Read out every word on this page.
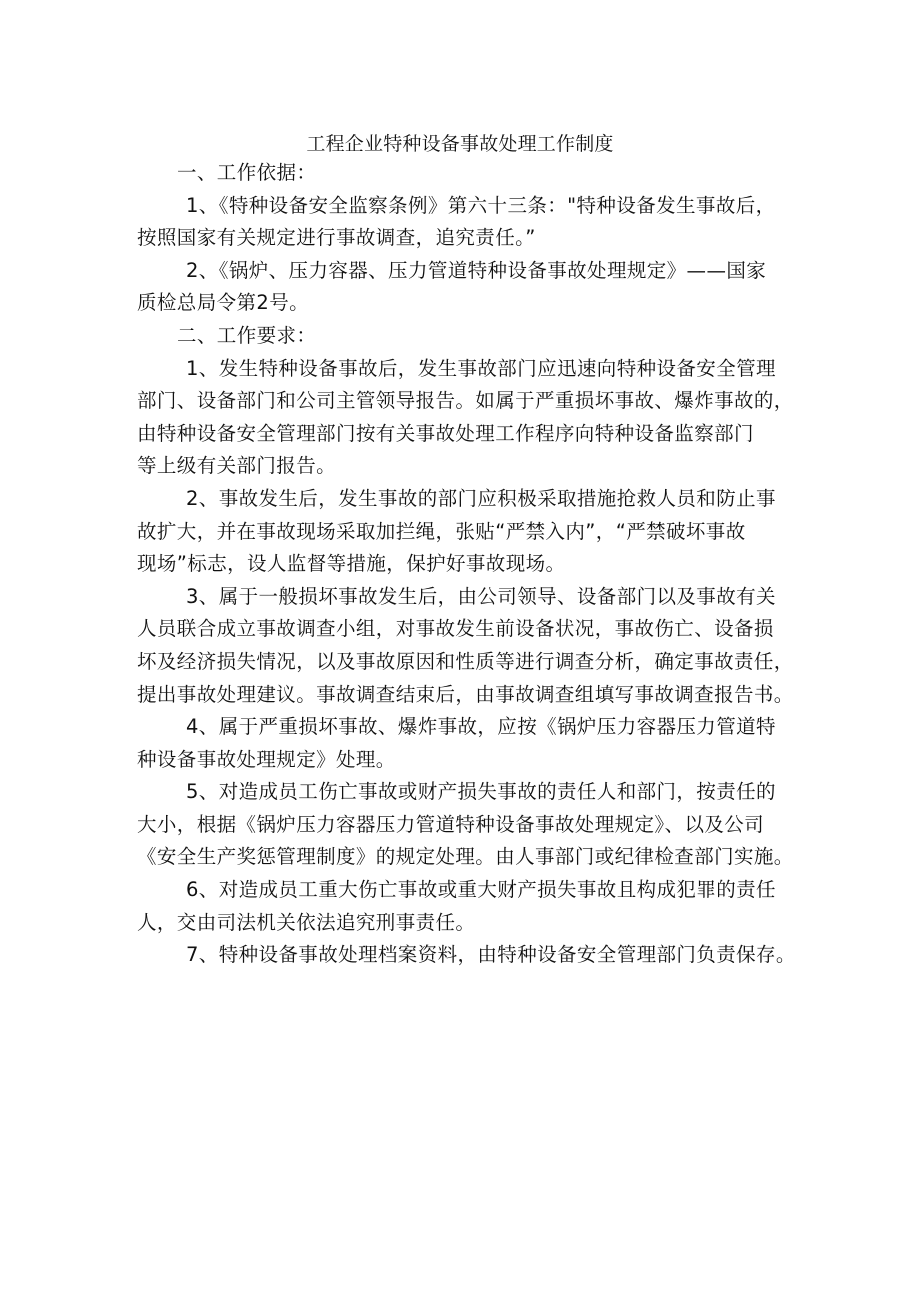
工程企业特种设备事故处理工作制度
一、工作依据：
1、《特种设备安全监察条例》第六十三条："特种设备发生事故后，
按照国家有关规定进行事故调查，追究责任。”
2、《锅炉、压力容器、压力管道特种设备事故处理规定》——国家
质检总局令第2号。
二、工作要求：
1、发生特种设备事故后，发生事故部门应迅速向特种设备安全管理
部门、设备部门和公司主管领导报告。如属于严重损坏事故、爆炸事故的，
由特种设备安全管理部门按有关事故处理工作程序向特种设备监察部门
等上级有关部门报告。
2、事故发生后，发生事故的部门应积极采取措施抢救人员和防止事
故扩大，并在事故现场采取加拦绳，张贴“严禁入内”，“严禁破坏事故
现场”标志，设人监督等措施，保护好事故现场。
3、属于一般损坏事故发生后，由公司领导、设备部门以及事故有关
人员联合成立事故调查小组，对事故发生前设备状况，事故伤亡、设备损
坏及经济损失情况，以及事故原因和性质等进行调查分析，确定事故责任，
提出事故处理建议。事故调查结束后，由事故调查组填写事故调查报告书。
4、属于严重损坏事故、爆炸事故，应按《锅炉压力容器压力管道特
种设备事故处理规定》处理。
5、对造成员工伤亡事故或财产损失事故的责任人和部门，按责任的
大小，根据《锅炉压力容器压力管道特种设备事故处理规定》、以及公司
《安全生产奖惩管理制度》的规定处理。由人事部门或纪律检查部门实施。
6、对造成员工重大伤亡事故或重大财产损失事故且构成犯罪的责任
人，交由司法机关依法追究刑事责任。
7、特种设备事故处理档案资料，由特种设备安全管理部门负责保存。
